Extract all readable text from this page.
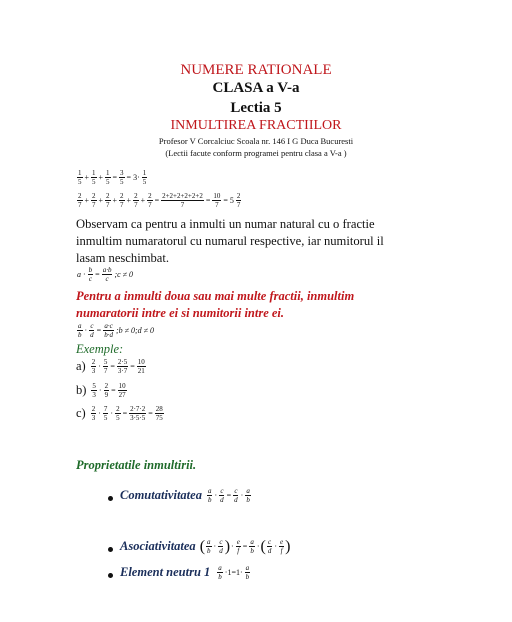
NUMERE RATIONALE
CLASA a V-a
Lectia 5
INMULTIREA FRACTIILOR
Profesor V Corcalciuc Scoala nr. 146 I G Duca Bucuresti
(Lectii facute conform programei pentru clasa a V-a )
1
$5 + \frac{1}{5} + \frac{1}{5} = \frac{3}{5} = 3\cdot 1$
5
2
$7 + \frac{2}{7} + \frac{2}{7} + \frac{2}{7} + \frac{2}{7} + \frac{2}{7} = \frac{2+2+2+2+2+2}{7} = \frac{10}{7} = 5$ 2
7
Observam ca pentru a inmulti un numar natural cu o fractie inmultim numaratorul cu numarul respective, iar numitorul il lasam neschimbat.
$a \cdot \frac{b}{c} = \frac{a\cdot b}{c}$ ;c ≠ 0
Pentru a inmulti doua sau mai multe fractii, inmultim numaratorii intre ei si numitorii intre ei.
a
$b \cdot \frac{c}{d} = \frac{a\cdot c}{b\cdot d}$ ;b ≠ 0;d ≠ 0
Exemple:
a) 2
$3 \cdot \frac{5}{7} = \frac{2\cdot 5}{3\cdot 7} = \frac{10}{21}$
b) 5
$3 \cdot \frac{2}{9} = \frac{10}{27}$
c) 2
3 · 7
$5 \cdot \frac{2}{5} = \frac{2\cdot 7\cdot 2}{3\cdot 5\cdot 5} = \frac{28}{75}$
Proprietatile inmultirii.
Comutativitatea a
$b \cdot \frac{c}{d} = \frac{c}{d} \cdot a$
b
Asociativitatea ( a
b · c
d ) · $\frac{e}{f} = \frac{a}{b}$ · ( c
d · e
f )
Element neutru 1 a
b ·1=1· a
b
